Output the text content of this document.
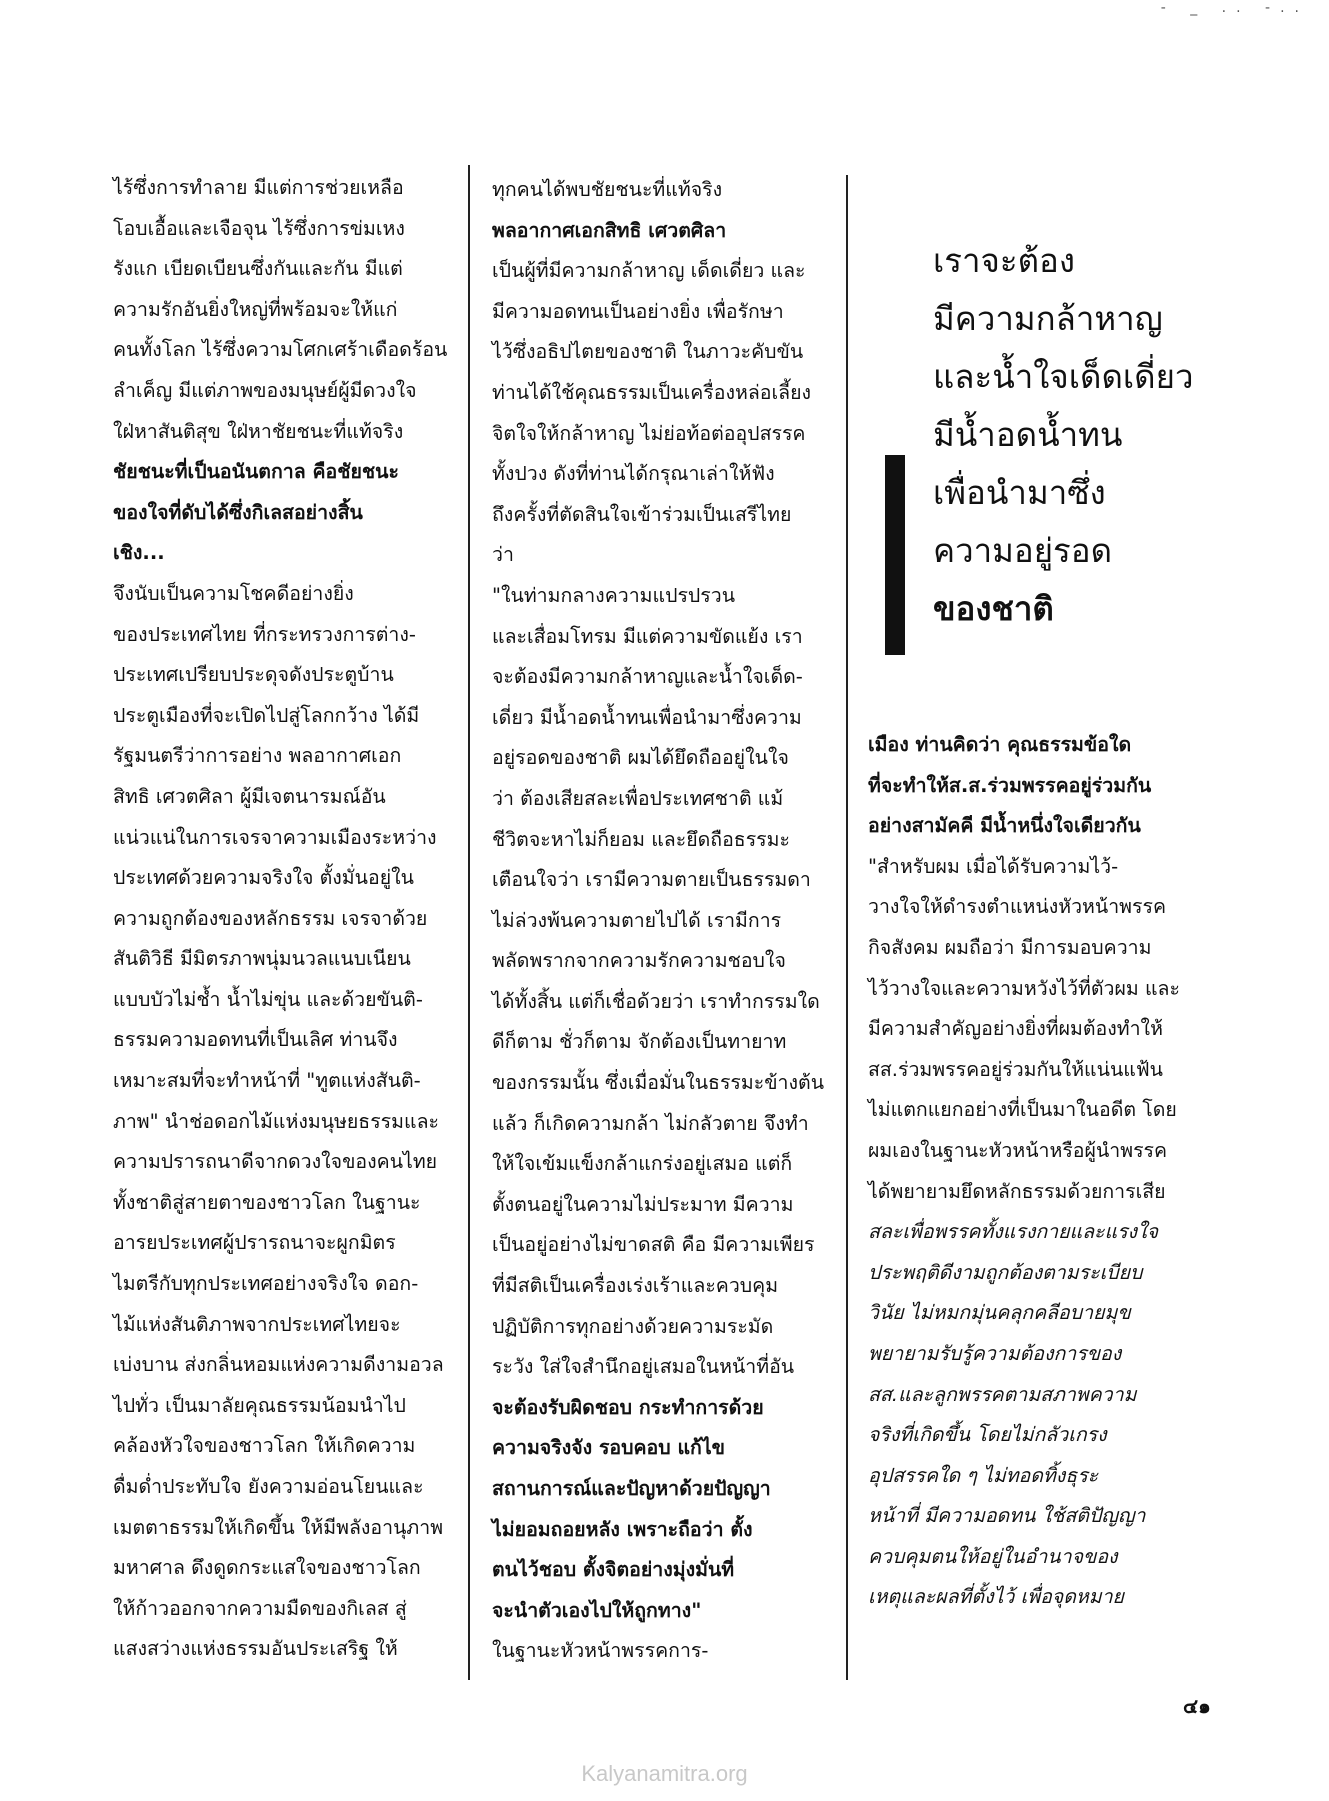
- _ .. -..
ไร้ซึ่งการทำลาย มีแต่การช่วยเหลือ
โอบเอื้อและเจือจุน ไร้ซึ่งการข่มเหง
รังแก เบียดเบียนซึ่งกันและกัน มีแต่
ความรักอันยิ่งใหญ่ที่พร้อมจะให้แก่
คนทั้งโลก ไร้ซึ่งความโศกเศร้าเดือดร้อน
ลำเค็ญ มีแต่ภาพของมนุษย์ผู้มีดวงใจ
ใฝ่หาสันติสุข ใฝ่หาชัยชนะที่แท้จริง
ชัยชนะที่เป็นอนันตกาล คือชัยชนะ
ของใจที่ดับได้ซึ่งกิเลสอย่างสิ้น
เชิง...
จึงนับเป็นความโชคดีอย่างยิ่ง
ของประเทศไทย ที่กระทรวงการต่าง-
ประเทศเปรียบประดุจดังประตูบ้าน
ประตูเมืองที่จะเปิดไปสู่โลกกว้าง ได้มี
รัฐมนตรีว่าการอย่าง พลอากาศเอก
สิทธิ เศวตศิลา ผู้มีเจตนารมณ์อัน
แน่วแน่ในการเจรจาความเมืองระหว่าง
ประเทศด้วยความจริงใจ ตั้งมั่นอยู่ใน
ความถูกต้องของหลักธรรม เจรจาด้วย
สันติวิธี มีมิตรภาพนุ่มนวลแนบเนียน
แบบบัวไม่ช้ำ น้ำไม่ขุ่น และด้วยขันติ-
ธรรมความอดทนที่เป็นเลิศ ท่านจึง
เหมาะสมที่จะทำหน้าที่ "ทูตแห่งสันติ-
ภาพ" นำช่อดอกไม้แห่งมนุษยธรรมและ
ความปรารถนาดีจากดวงใจของคนไทย
ทั้งชาติสู่สายตาของชาวโลก ในฐานะ
อารยประเทศผู้ปรารถนาจะผูกมิตร
ไมตรีกับทุกประเทศอย่างจริงใจ ดอก-
ไม้แห่งสันติภาพจากประเทศไทยจะ
เบ่งบาน ส่งกลิ่นหอมแห่งความดีงามอวล
ไปทั่ว เป็นมาลัยคุณธรรมน้อมนำไป
คล้องหัวใจของชาวโลก ให้เกิดความ
ดื่มด่ำประทับใจ ยังความอ่อนโยนและ
เมตตาธรรมให้เกิดขึ้น ให้มีพลังอานุภาพ
มหาศาล ดึงดูดกระแสใจของชาวโลก
ให้ก้าวออกจากความมืดของกิเลส สู่
แสงสว่างแห่งธรรมอันประเสริฐ ให้
ทุกคนได้พบชัยชนะที่แท้จริง
พลอากาศเอกสิทธิ เศวตศิลา
เป็นผู้ที่มีความกล้าหาญ เด็ดเดี่ยว และ
มีความอดทนเป็นอย่างยิ่ง เพื่อรักษา
ไว้ซึ่งอธิปไตยของชาติ ในภาวะคับขัน
ท่านได้ใช้คุณธรรมเป็นเครื่องหล่อเลี้ยง
จิตใจให้กล้าหาญ ไม่ย่อท้อต่ออุปสรรค
ทั้งปวง ดังที่ท่านได้กรุณาเล่าให้ฟัง
ถึงครั้งที่ตัดสินใจเข้าร่วมเป็นเสรีไทย
ว่า
"ในท่ามกลางความแปรปรวน
และเสื่อมโทรม มีแต่ความขัดแย้ง เรา
จะต้องมีความกล้าหาญและน้ำใจเด็ด-
เดี่ยว มีน้ำอดน้ำทนเพื่อนำมาซึ่งความ
อยู่รอดของชาติ ผมได้ยึดถืออยู่ในใจ
ว่า ต้องเสียสละเพื่อประเทศชาติ แม้
ชีวิตจะหาไม่ก็ยอม และยึดถือธรรมะ
เตือนใจว่า เรามีความตายเป็นธรรมดา
ไม่ล่วงพ้นความตายไปได้ เรามีการ
พลัดพรากจากความรักความชอบใจ
ได้ทั้งสิ้น แต่ก็เชื่อด้วยว่า เราทำกรรมใด
ดีก็ตาม ชั่วก็ตาม จักต้องเป็นทายาท
ของกรรมนั้น ซึ่งเมื่อมั่นในธรรมะข้างต้น
แล้ว ก็เกิดความกล้า ไม่กลัวตาย จึงทำ
ให้ใจเข้มแข็งกล้าแกร่งอยู่เสมอ แต่ก็
ตั้งตนอยู่ในความไม่ประมาท มีความ
เป็นอยู่อย่างไม่ขาดสติ คือ มีความเพียร
ที่มีสติเป็นเครื่องเร่งเร้าและควบคุม
ปฏิบัติการทุกอย่างด้วยความระมัด
ระวัง ใส่ใจสำนึกอยู่เสมอในหน้าที่อัน
จะต้องรับผิดชอบ กระทำการด้วย
ความจริงจัง รอบคอบ แก้ไข
สถานการณ์และปัญหาด้วยปัญญา
ไม่ยอมถอยหลัง เพราะถือว่า ตั้ง
ตนไว้ชอบ ตั้งจิตอย่างมุ่งมั่นที่
จะนำตัวเองไปให้ถูกทาง"
ในฐานะหัวหน้าพรรคการ-
เราจะต้อง
มีความกล้าหาญ
และน้ำใจเด็ดเดี่ยว
มีน้ำอดน้ำทน
เพื่อนำมาซึ่ง
ความอยู่รอด
ของชาติ
เมือง ท่านคิดว่า คุณธรรมข้อใด
ที่จะทำให้ส.ส.ร่วมพรรคอยู่ร่วมกัน
อย่างสามัคคี มีน้ำหนึ่งใจเดียวกัน
"สำหรับผม เมื่อได้รับความไว้-
วางใจให้ดำรงตำแหน่งหัวหน้าพรรค
กิจสังคม ผมถือว่า มีการมอบความ
ไว้วางใจและความหวังไว้ที่ตัวผม และ
มีความสำคัญอย่างยิ่งที่ผมต้องทำให้
สส.ร่วมพรรคอยู่ร่วมกันให้แน่นแฟ้น
ไม่แตกแยกอย่างที่เป็นมาในอดีต โดย
ผมเองในฐานะหัวหน้าหรือผู้นำพรรค
ได้พยายามยึดหลักธรรมด้วยการเสีย
สละเพื่อพรรคทั้งแรงกายและแรงใจ
ประพฤติดีงามถูกต้องตามระเบียบ
วินัย ไม่หมกมุ่นคลุกคลีอบายมุข
พยายามรับรู้ความต้องการของ
สส.และลูกพรรคตามสภาพความ
จริงที่เกิดขึ้น โดยไม่กลัวเกรง
อุปสรรคใด ๆ ไม่ทอดทิ้งธุระ
หน้าที่ มีความอดทน ใช้สติปัญญา
ควบคุมตนให้อยู่ในอำนาจของ
เหตุและผลที่ตั้งไว้ เพื่อจุดหมาย
๔๑
Kalyanamitra.org
